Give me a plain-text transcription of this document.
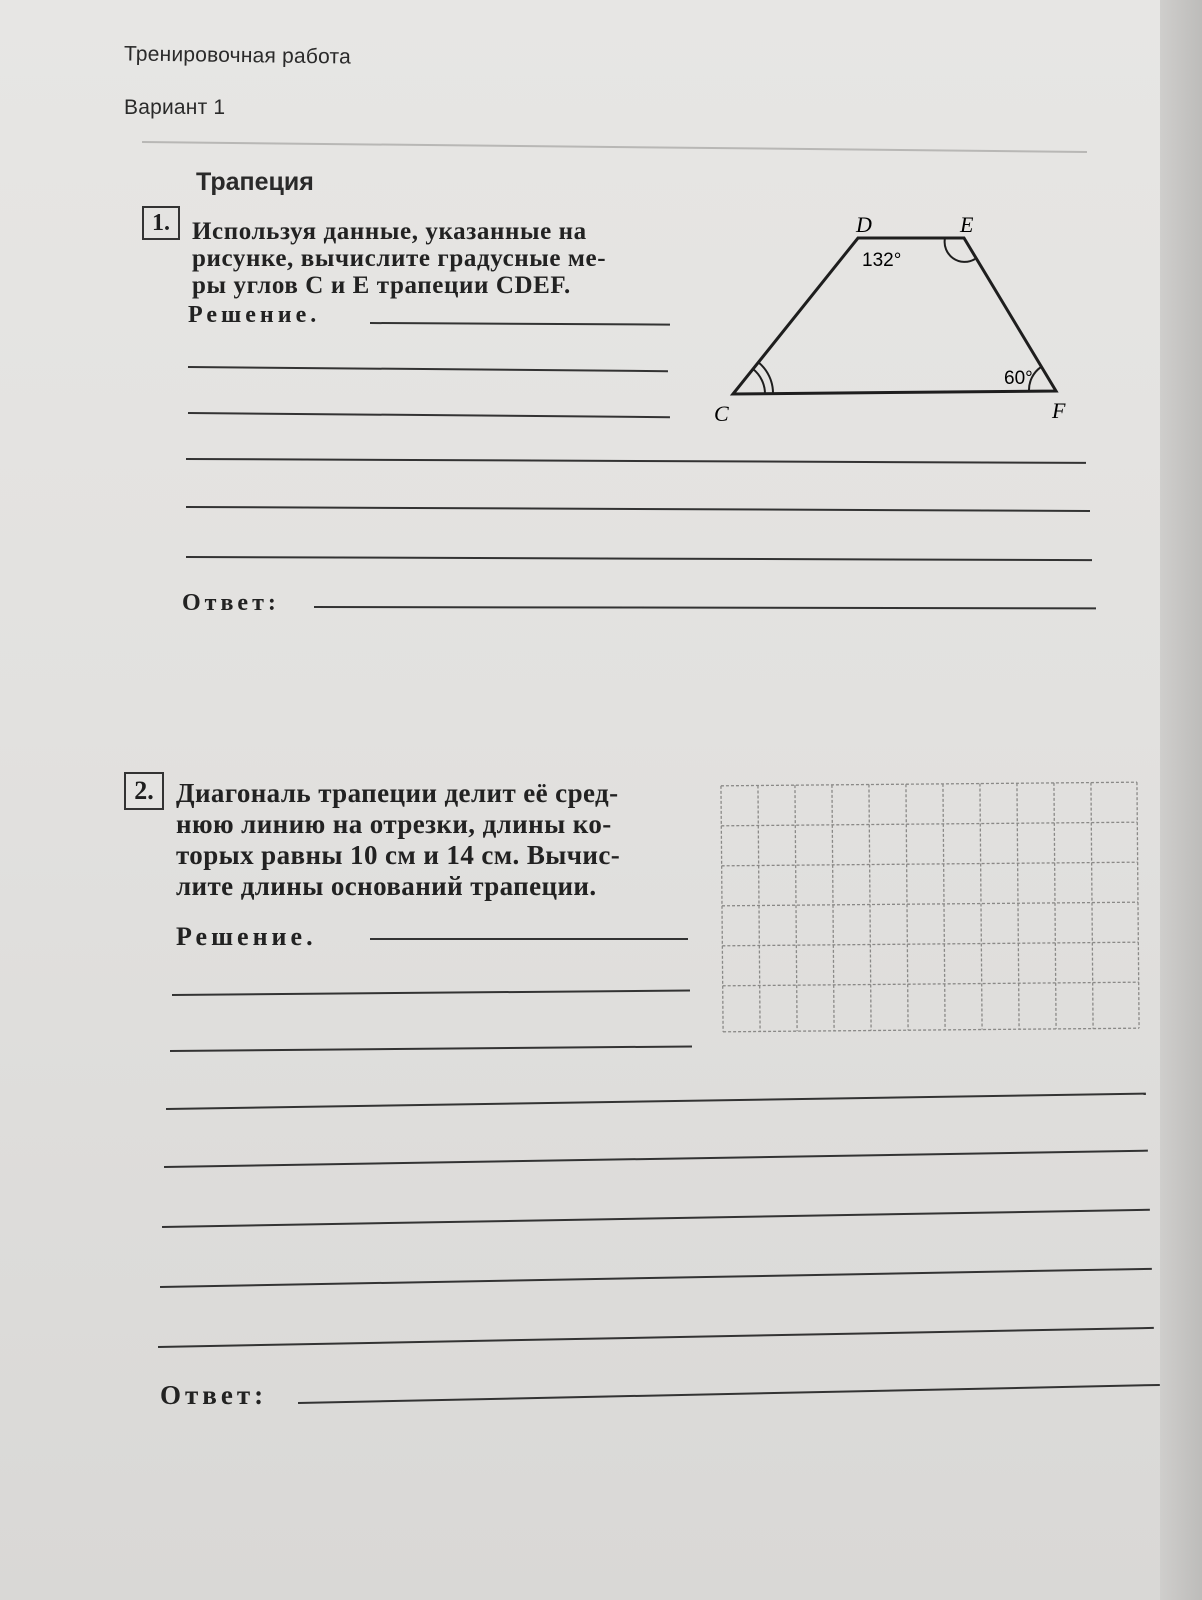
Тренировочная работа
Вариант 1
Трапеция
1. Используя данные, указанные на
рисунке, вычислите градусные ме-
ры углов C и E трапеции CDEF.
Решение.
Ответ:
D	E
C	F
132°
60°
2. Диагональ трапеции делит её сред-
нюю линию на отрезки, длины ко-
торых равны 10 см и 14 см. Вычис-
лите длины оснований трапеции.
Решение.
Ответ:
